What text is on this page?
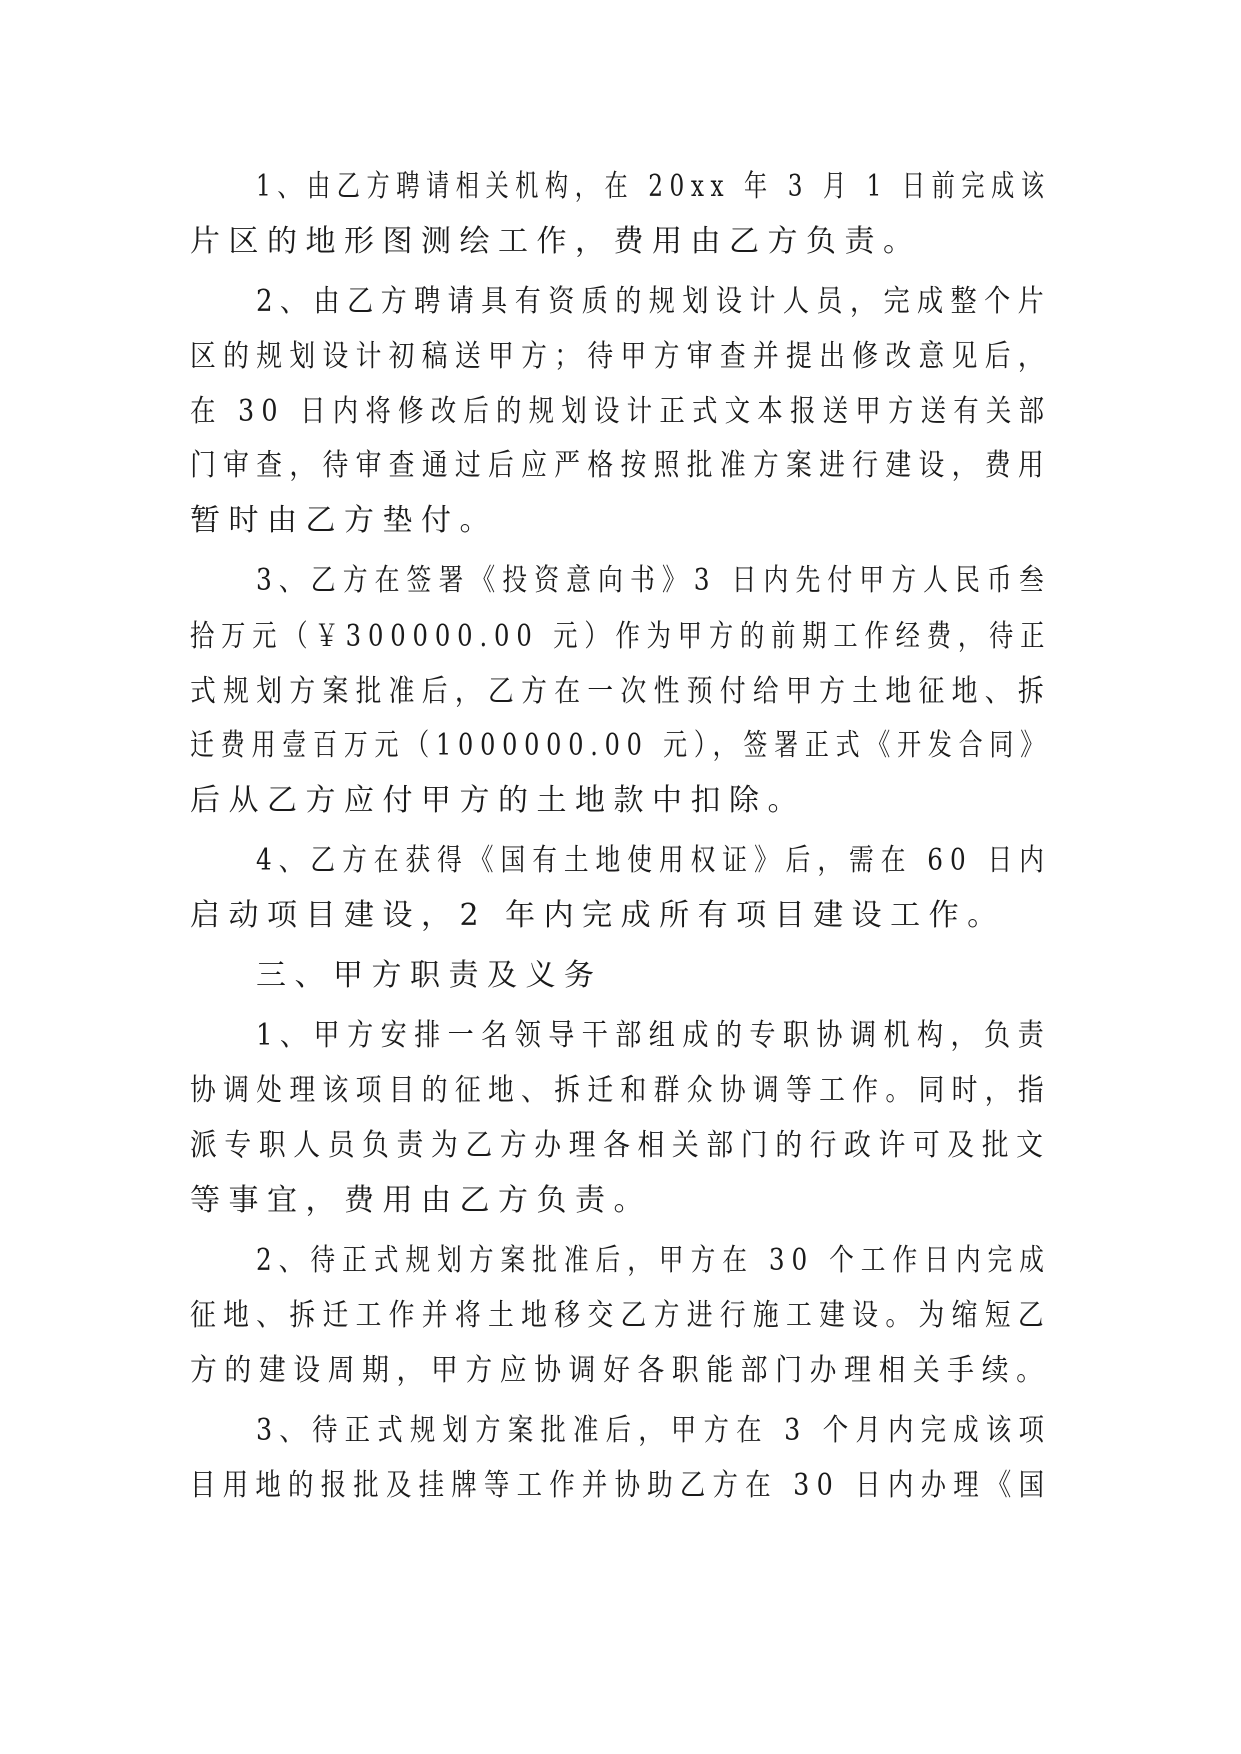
1、由乙方聘请相关机构，在 20xx 年 3 月 1 日前完成该

片区的地形图测绘工作，费用由乙方负责。

2、由乙方聘请具有资质的规划设计人员，完成整个片

区的规划设计初稿送甲方；待甲方审查并提出修改意见后，

在 30 日内将修改后的规划设计正式文本报送甲方送有关部

门审查，待审查通过后应严格按照批准方案进行建设，费用

暂时由乙方垫付。

3、乙方在签署《投资意向书》3 日内先付甲方人民币叁

拾万元（￥300000.00 元）作为甲方的前期工作经费，待正

式规划方案批准后，乙方在一次性预付给甲方土地征地、拆

迁费用壹百万元（1000000.00 元），签署正式《开发合同》

后从乙方应付甲方的土地款中扣除。

4、乙方在获得《国有土地使用权证》后，需在 60 日内

启动项目建设，2 年内完成所有项目建设工作。

三、甲方职责及义务

1、甲方安排一名领导干部组成的专职协调机构，负责

协调处理该项目的征地、拆迁和群众协调等工作。同时，指

派专职人员负责为乙方办理各相关部门的行政许可及批文

等事宜，费用由乙方负责。

2、待正式规划方案批准后，甲方在 30 个工作日内完成

征地、拆迁工作并将土地移交乙方进行施工建设。为缩短乙

方的建设周期，甲方应协调好各职能部门办理相关手续。

3、待正式规划方案批准后，甲方在 3 个月内完成该项

目用地的报批及挂牌等工作并协助乙方在 30 日内办理《国
